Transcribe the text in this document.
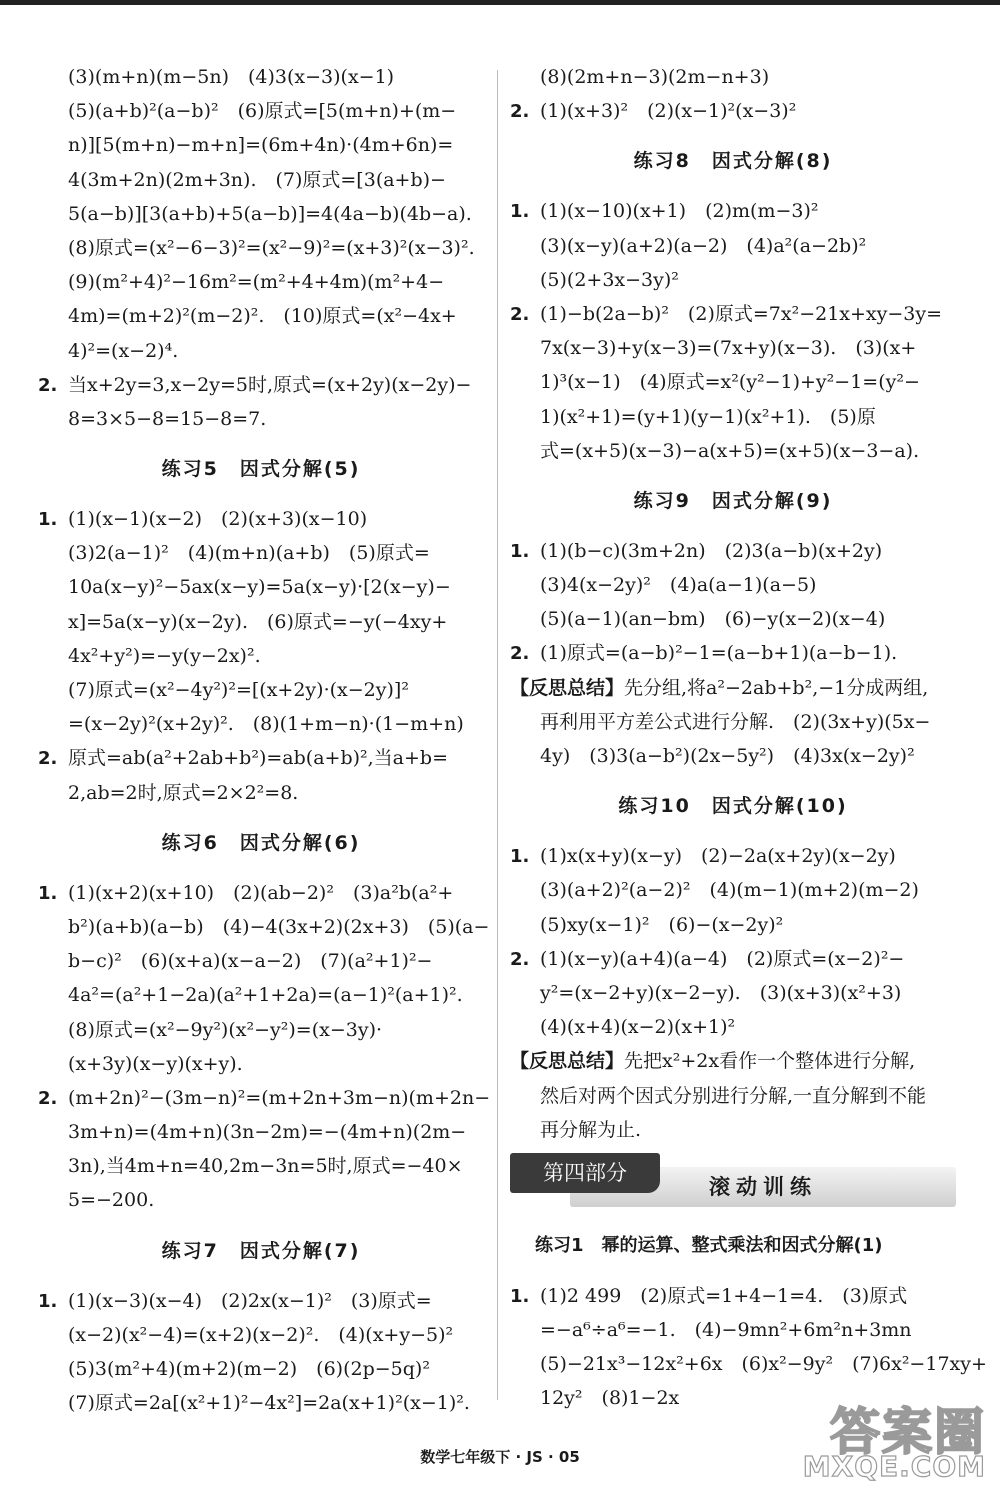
(3)(m+n)(m−5n)　(4)3(x−3)(x−1)
(5)(a+b)²(a−b)²　(6)原式=[5(m+n)+(m−
n)][5(m+n)−m+n]=(6m+4n)·(4m+6n)=
4(3m+2n)(2m+3n).　(7)原式=[3(a+b)−
5(a−b)][3(a+b)+5(a−b)]=4(4a−b)(4b−a).
(8)原式=(x²−6−3)²=(x²−9)²=(x+3)²(x−3)².
(9)(m²+4)²−16m²=(m²+4+4m)(m²+4−
4m)=(m+2)²(m−2)².　(10)原式=(x²−4x+
4)²=(x−2)⁴.
2. 当x+2y=3,x−2y=5时,原式=(x+2y)(x−2y)−
8=3×5−8=15−8=7.
练习5　因式分解(5)
1. (1)(x−1)(x−2)　(2)(x+3)(x−10)
(3)2(a−1)²　(4)(m+n)(a+b)　(5)原式=
10a(x−y)²−5ax(x−y)=5a(x−y)·[2(x−y)−
x]=5a(x−y)(x−2y).　(6)原式=−y(−4xy+
4x²+y²)=−y(y−2x)².
(7)原式=(x²−4y²)²=[(x+2y)·(x−2y)]²
=(x−2y)²(x+2y)².　(8)(1+m−n)·(1−m+n)
2. 原式=ab(a²+2ab+b²)=ab(a+b)²,当a+b=
2,ab=2时,原式=2×2²=8.
练习6　因式分解(6)
1. (1)(x+2)(x+10)　(2)(ab−2)²　(3)a²b(a²+
b²)(a+b)(a−b)　(4)−4(3x+2)(2x+3)　(5)(a−
b−c)²　(6)(x+a)(x−a−2)　(7)(a²+1)²−
4a²=(a²+1−2a)(a²+1+2a)=(a−1)²(a+1)².
(8)原式=(x²−9y²)(x²−y²)=(x−3y)·
(x+3y)(x−y)(x+y).
2. (m+2n)²−(3m−n)²=(m+2n+3m−n)(m+2n−
3m+n)=(4m+n)(3n−2m)=−(4m+n)(2m−
3n),当4m+n=40,2m−3n=5时,原式=−40×
5=−200.
练习7　因式分解(7)
1. (1)(x−3)(x−4)　(2)2x(x−1)²　(3)原式=
(x−2)(x²−4)=(x+2)(x−2)².　(4)(x+y−5)²
(5)3(m²+4)(m+2)(m−2)　(6)(2p−5q)²
(7)原式=2a[(x²+1)²−4x²]=2a(x+1)²(x−1)².
(8)(2m+n−3)(2m−n+3)
2. (1)(x+3)²　(2)(x−1)²(x−3)²
练习8　因式分解(8)
1. (1)(x−10)(x+1)　(2)m(m−3)²
(3)(x−y)(a+2)(a−2)　(4)a²(a−2b)²
(5)(2+3x−3y)²
2. (1)−b(2a−b)²　(2)原式=7x²−21x+xy−3y=
7x(x−3)+y(x−3)=(7x+y)(x−3).　(3)(x+
1)³(x−1)　(4)原式=x²(y²−1)+y²−1=(y²−
1)(x²+1)=(y+1)(y−1)(x²+1).　(5)原
式=(x+5)(x−3)−a(x+5)=(x+5)(x−3−a).
练习9　因式分解(9)
1. (1)(b−c)(3m+2n)　(2)3(a−b)(x+2y)
(3)4(x−2y)²　(4)a(a−1)(a−5)
(5)(a−1)(an−bm)　(6)−y(x−2)(x−4)
2. (1)原式=(a−b)²−1=(a−b+1)(a−b−1).
【反思总结】先分组,将a²−2ab+b²,−1分成两组,
再利用平方差公式进行分解.　(2)(3x+y)(5x−
4y)　(3)3(a−b²)(2x−5y²)　(4)3x(x−2y)²
练习10　因式分解(10)
1. (1)x(x+y)(x−y)　(2)−2a(x+2y)(x−2y)
(3)(a+2)²(a−2)²　(4)(m−1)(m+2)(m−2)
(5)xy(x−1)²　(6)−(x−2y)²
2. (1)(x−y)(a+4)(a−4)　(2)原式=(x−2)²−
y²=(x−2+y)(x−2−y).　(3)(x+3)(x²+3)
(4)(x+4)(x−2)(x+1)²
【反思总结】先把x²+2x看作一个整体进行分解,
然后对两个因式分别进行分解,一直分解到不能
再分解为止.
滚动训练
第四部分
练习1　幂的运算、整式乘法和因式分解(1)
1. (1)2 499　(2)原式=1+4−1=4.　(3)原式
=−a⁶÷a⁶=−1.　(4)−9mn²+6m²n+3mn
(5)−21x³−12x²+6x　(6)x²−9y²　(7)6x²−17xy+
12y²　(8)1−2x
数学七年级下 · JS · 05	答案圈
MXQE.COM
